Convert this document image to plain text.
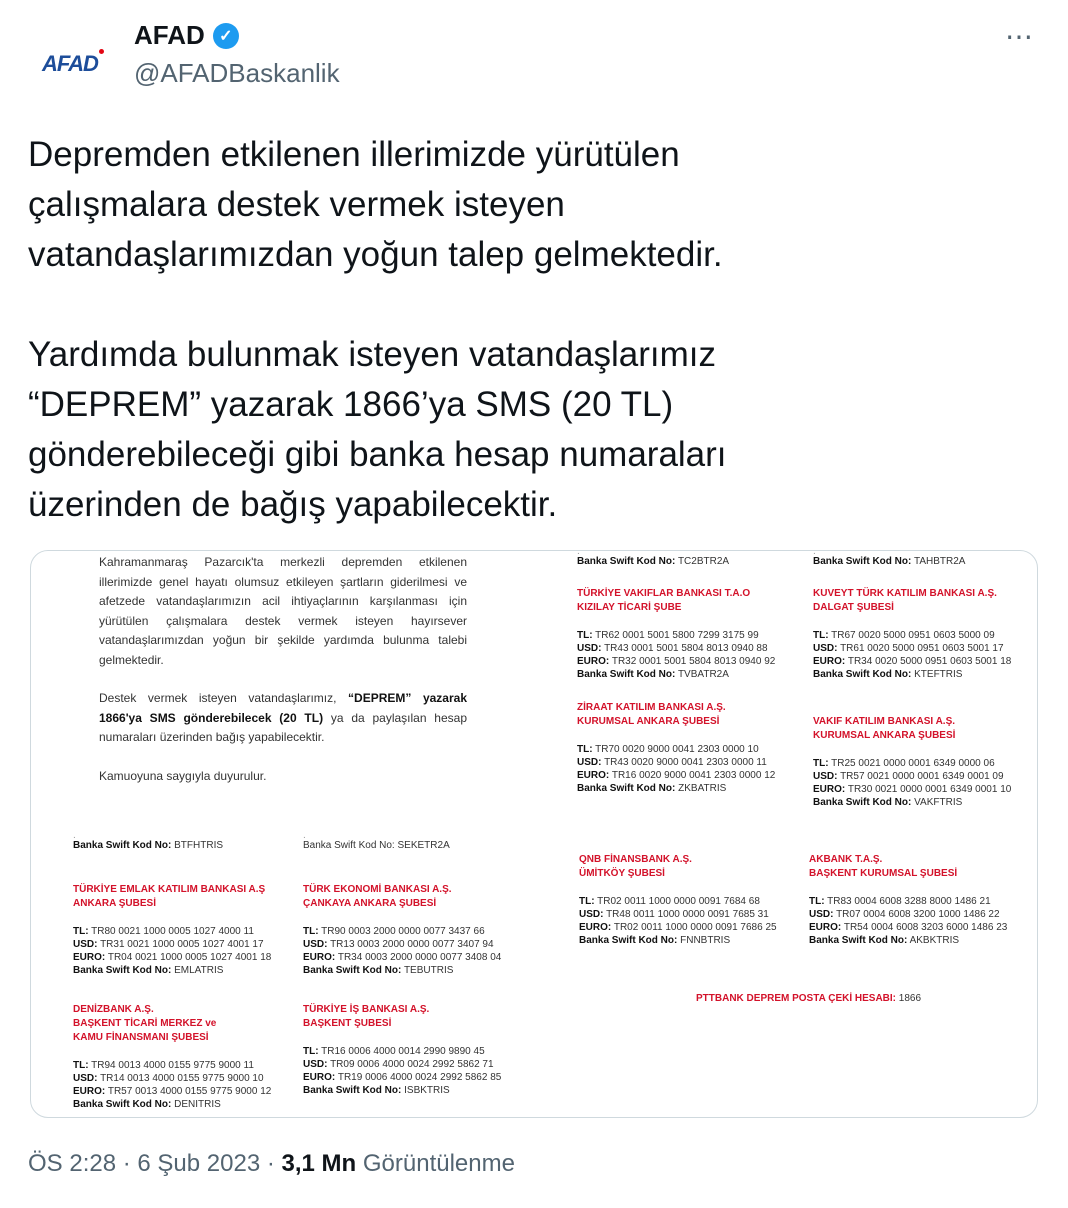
AFAD
AFAD ✓
@AFADBaskanlik
⋯
Depremden etkilenen illerimizde yürütülen
çalışmalara destek vermek isteyen
vatandaşlarımızdan yoğun talep gelmektedir.

Yardımda bulunmak isteyen vatandaşlarımız
“DEPREM” yazarak 1866’ya SMS (20 TL)
gönderebileceği gibi banka hesap numaraları
üzerinden de bağış yapabilecektir.

Kahramanmaraş Pazarcık'ta merkezli depremden etkilenen illerimizde genel hayatı olumsuz etkileyen şartların giderilmesi ve afetzede vatandaşlarımızın acil ihtiyaçlarının karşılanması için yürütülen çalışmalara destek vermek isteyen hayırsever vatandaşlarımızdan yoğun bir şekilde yardımda bulunma talebi gelmektedir.

Destek vermek isteyen vatandaşlarımız, “DEPREM” yazarak 1866'ya SMS gönderebilecek (20 TL) ya da paylaşılan hesap numaraları üzerinden bağış yapabilecektir.

Kamuoyuna saygıyla duyurulur.

.
Banka Swift Kod No: TC2BTR2A
.
Banka Swift Kod No: TAHBTR2A
.
Banka Swift Kod No: BTFHTRIS
.
Banka Swift Kod No: SEKETR2A
TÜRKİYE VAKIFLAR BANKASI T.A.O
KIZILAY TİCARİ ŞUBE
TL: TR62 0001 5001 5800 7299 3175 99
USD: TR43 0001 5001 5804 8013 0940 88
EURO: TR32 0001 5001 5804 8013 0940 92
Banka Swift Kod No: TVBATR2A
KUVEYT TÜRK KATILIM BANKASI A.Ş.
DALGAT ŞUBESİ
TL: TR67 0020 5000 0951 0603 5000 09
USD: TR61 0020 5000 0951 0603 5001 17
EURO: TR34 0020 5000 0951 0603 5001 18
Banka Swift Kod No: KTEFTRIS
ZİRAAT KATILIM BANKASI A.Ş.
KURUMSAL ANKARA ŞUBESİ
TL: TR70 0020 9000 0041 2303 0000 10
USD: TR43 0020 9000 0041 2303 0000 11
EURO: TR16 0020 9000 0041 2303 0000 12
Banka Swift Kod No: ZKBATRIS
VAKIF KATILIM BANKASI A.Ş.
KURUMSAL ANKARA ŞUBESİ
TL: TR25 0021 0000 0001 6349 0000 06
USD: TR57 0021 0000 0001 6349 0001 09
EURO: TR30 0021 0000 0001 6349 0001 10
Banka Swift Kod No: VAKFTRIS
TÜRKİYE EMLAK KATILIM BANKASI A.Ş
ANKARA ŞUBESİ
TL: TR80 0021 1000 0005 1027 4000 11
USD: TR31 0021 1000 0005 1027 4001 17
EURO: TR04 0021 1000 0005 1027 4001 18
Banka Swift Kod No: EMLATRIS
TÜRK EKONOMİ BANKASI A.Ş.
ÇANKAYA ANKARA ŞUBESİ
TL: TR90 0003 2000 0000 0077 3437 66
USD: TR13 0003 2000 0000 0077 3407 94
EURO: TR34 0003 2000 0000 0077 3408 04
Banka Swift Kod No: TEBUTRIS
DENİZBANK A.Ş.
BAŞKENT TİCARİ MERKEZ ve
KAMU FİNANSMANI ŞUBESİ
TL: TR94 0013 4000 0155 9775 9000 11
USD: TR14 0013 4000 0155 9775 9000 10
EURO: TR57 0013 4000 0155 9775 9000 12
Banka Swift Kod No: DENITRIS
TÜRKİYE İŞ BANKASI A.Ş.
BAŞKENT ŞUBESİ
TL: TR16 0006 4000 0014 2990 9890 45
USD: TR09 0006 4000 0024 2992 5862 71
EURO: TR19 0006 4000 0024 2992 5862 85
Banka Swift Kod No: ISBKTRIS
QNB FİNANSBANK A.Ş.
ÜMİTKÖY ŞUBESİ
TL: TR02 0011 1000 0000 0091 7684 68
USD: TR48 0011 1000 0000 0091 7685 31
EURO: TR02 0011 1000 0000 0091 7686 25
Banka Swift Kod No: FNNBTRIS
AKBANK T.A.Ş.
BAŞKENT KURUMSAL ŞUBESİ
TL: TR83 0004 6008 3288 8000 1486 21
USD: TR07 0004 6008 3200 1000 1486 22
EURO: TR54 0004 6008 3203 6000 1486 23
Banka Swift Kod No: AKBKTRIS
PTTBANK DEPREM POSTA ÇEKİ HESABI: 1866
ÖS 2:28 · 6 Şub 2023 · 3,1 Mn Görüntülenme
